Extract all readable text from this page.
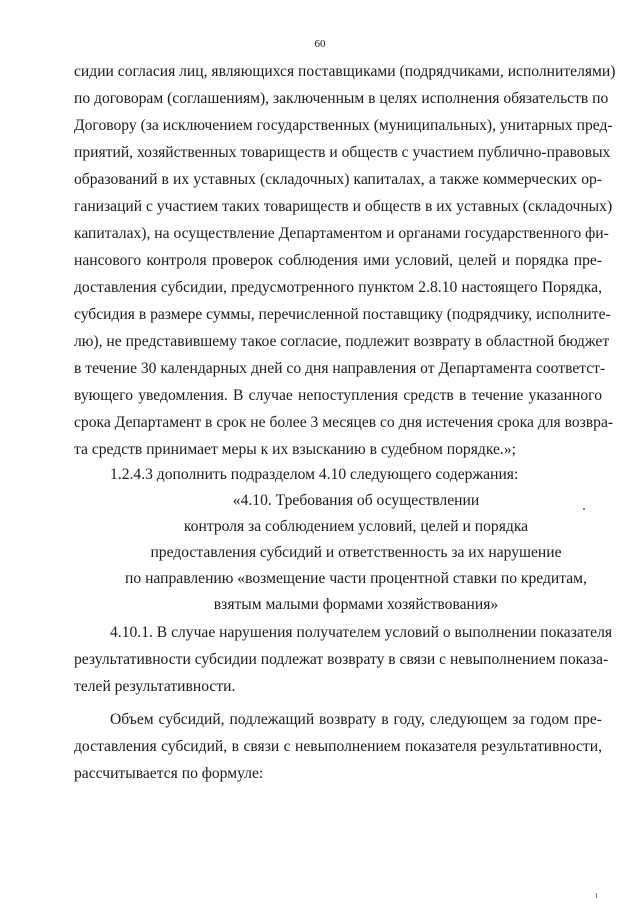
60
сидии согласия лиц, являющихся поставщиками (подрядчиками, исполнителями)
по договорам (соглашениям), заключенным в целях исполнения обязательств по
Договору (за исключением государственных (муниципальных), унитарных пред-
приятий, хозяйственных товариществ и обществ с участием публично-правовых
образований в их уставных (складочных) капиталах, а также коммерческих ор-
ганизаций с участием таких товариществ и обществ в их уставных (складочных)
капиталах), на осуществление Департаментом и органами государственного фи-
нансового контроля проверок соблюдения ими условий, целей и порядка пре-
доставления субсидии, предусмотренного пунктом 2.8.10 настоящего Порядка,
субсидия в размере суммы, перечисленной поставщику (подрядчику, исполните-
лю), не представившему такое согласие, подлежит возврату в областной бюджет
в течение 30 календарных дней со дня направления от Департамента соответст-
вующего уведомления. В случае непоступления средств в течение указанного
срока Департамент в срок не более 3 месяцев со дня истечения срока для возвра-
та средств принимает меры к их взысканию в судебном порядке.»;
1.2.4.3 дополнить подразделом 4.10 следующего содержания:
«4.10. Требования об осуществлении
контроля за соблюдением условий, целей и порядка
предоставления субсидий и ответственность за их нарушение
по направлению «возмещение части процентной ставки по кредитам,
взятым малыми формами хозяйствования»
4.10.1. В случае нарушения получателем условий о выполнении показателя
результативности субсидии подлежат возврату в связи с невыполнением показа-
телей результативности.
Объем субсидий, подлежащий возврату в году, следующем за годом пре-
доставления субсидий, в связи с невыполнением показателя результативности,
рассчитывается по формуле:
